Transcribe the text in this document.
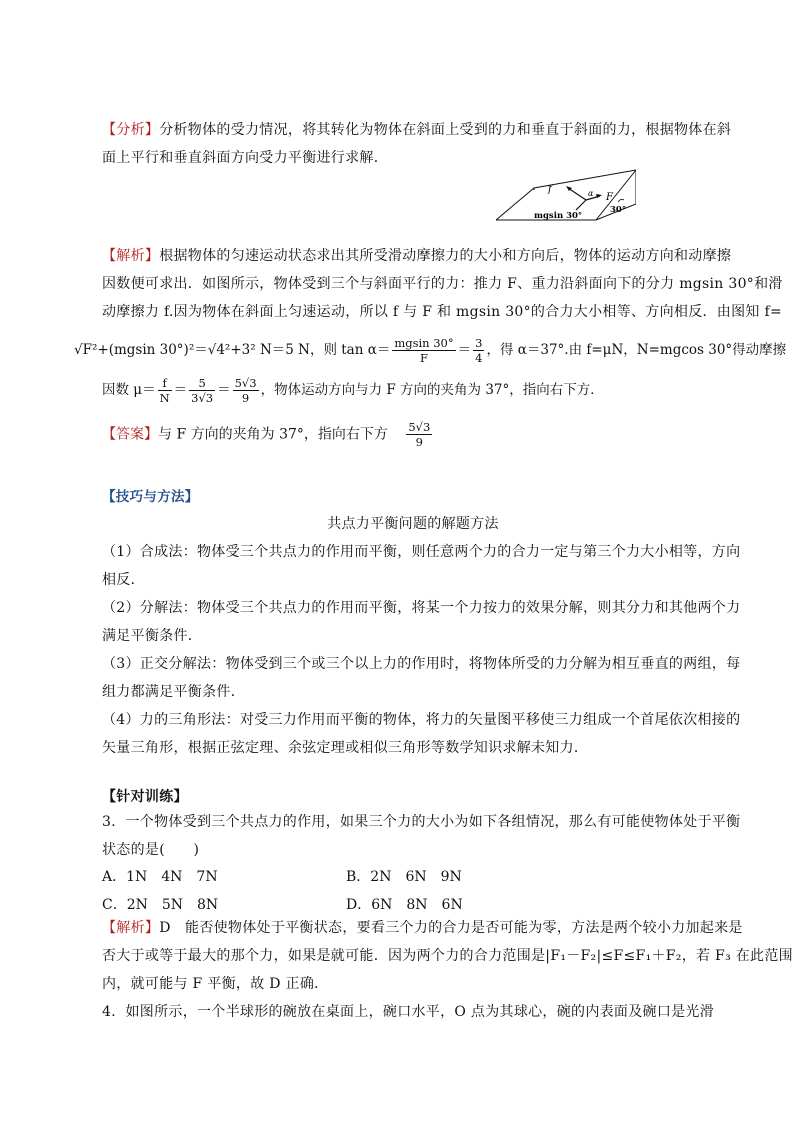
【分析】分析物体的受力情况，将其转化为物体在斜面上受到的力和垂直于斜面的力，根据物体在斜
面上平行和垂直斜面方向受力平衡进行求解．
f
F
α
mgsin 30°
30°
【解析】根据物体的匀速运动状态求出其所受滑动摩擦力的大小和方向后，物体的运动方向和动摩擦
因数便可求出．如图所示，物体受到三个与斜面平行的力：推力 F、重力沿斜面向下的分力 mgsin 30°和滑
动摩擦力 f.因为物体在斜面上匀速运动，所以 f 与 F 和 mgsin 30°的合力大小相等、方向相反．由图知 f=
√F²+(mgsin 30°)²＝√4²+3² N＝5 N，则 $\tan \alpha= \frac{mgsin 30^\circ}{F} = \frac{3}{4}$ ，得 α＝37°.由 f=μN，N=mgcos 30°得动摩擦
因数 $\mu= \frac{f}{N} = \frac{5}{3√3} = \frac{5√3}{9}$ ，物体运动方向与力 F 方向的夹角为 37°，指向右下方．
【答案】与 F 方向的夹角为 37°，指向右下方 $\frac{5√3}{9}$
【技巧与方法】
共点力平衡问题的解题方法
（1）合成法：物体受三个共点力的作用而平衡，则任意两个力的合力一定与第三个力大小相等，方向
相反．
（2）分解法：物体受三个共点力的作用而平衡，将某一个力按力的效果分解，则其分力和其他两个力
满足平衡条件．
（3）正交分解法：物体受到三个或三个以上力的作用时，将物体所受的力分解为相互垂直的两组，每
组力都满足平衡条件．
（4）力的三角形法：对受三力作用而平衡的物体，将力的矢量图平移使三力组成一个首尾依次相接的
矢量三角形，根据正弦定理、余弦定理或相似三角形等数学知识求解未知力．
【针对训练】
3．一个物体受到三个共点力的作用，如果三个力的大小为如下各组情况，那么有可能使物体处于平衡
状态的是(　　)
A．1N　4N　7N	B．2N　6N　9N
C．2N　5N　8N	D．6N　8N　6N
【解析】D　能否使物体处于平衡状态，要看三个力的合力是否可能为零，方法是两个较小力加起来是
否大于或等于最大的那个力，如果是就可能．因为两个力的合力范围是|F₁－F₂|≤F≤F₁＋F₂，若 F₃ 在此范围
内，就可能与 F 平衡，故 D 正确．
4．如图所示，一个半球形的碗放在桌面上，碗口水平，O 点为其球心，碗的内表面及碗口是光滑
